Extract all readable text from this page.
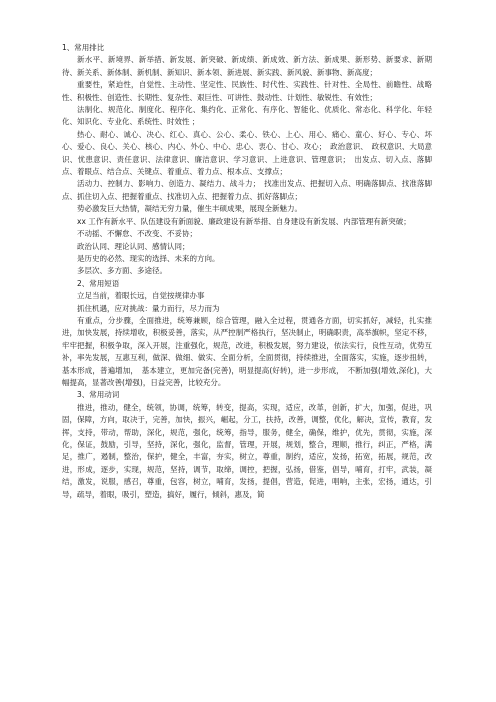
1、常用排比

新水平、新境界、新举措、新发展、新突破、新成绩、新成效、新方法、新成果、新形势、新要求、新期待、新关系、新体制、新机制、新知识、新本领、新进展、新实践、新风貌、新事物、新高度；

重要性，紧迫性，自觉性、主动性、坚定性、民族性、时代性、实践性、针对性、全局性、前瞻性、战略性、积极性、创造性、长期性、复杂性、艰巨性、可讲性、鼓动性、计划性、敏锐性、有效性；

法制化、规范化、制度化、程序化、集约化、正常化、有序化、智能化、优质化、常态化、科学化、年轻化、知识化、专业化、系统性、时效性 ；

热心、耐心、诚心、决心、红心、真心、公心、柔心、铁心、上心、用心、痛心、童心、好心、专心、坏心、爱心、良心、关心、核心、内心、外心、中心、忠心、衷心、甘心、攻心；　政治意识、　政权意识、大局意识、忧患意识、责任意识、法律意识、廉洁意识、学习意识、上进意识、管理意识；　出发点、切入点、落脚点、着眼点、结合点、关键点、着重点、着力点、根本点、支撑点；

活动力、控制力、影响力、创造力、凝结力、战斗力；　找准出发点、把握切入点、明确落脚点、找准落脚点、抓住切入点、把握着重点、找准切入点、把握着力点、抓好落脚点；

势必激发巨大热情，凝结无穷力量，催生丰硕成果，展现全新魅力。

xx 工作有新水平、队伍建设有新面貌、廉政建设有新举措、自身建设有新发展、内部管理有新突破；

不动摇、不懈怠、不改变、不妥协；

政治认同、理论认同、感情认同；

是历史的必然、现实的选择、未来的方向。

多层次、多方面、多途径。

2、常用短语

立足当前，着眼长远，自觉按规律办事

抓住机遇，应对挑战：量力而行，尽力而为

有重点，分步骤，全面推进，统筹兼顾，综合管理，融入全过程，贯通各方面，切实抓好，减轻，扎实推进，加快发展，持续增收，积极妥善，落实，从严控制严格执行，坚决制止，明确职责，高举旗帜，坚定不移，牢牢把握，积极争取，深入开展，注重强化，规范，改进，积极发展，努力建设，依法实行，良性互动，优势互补，率先发展，互惠互利，做深、做细、做实、全面分析，全面贯彻，持续推进，全面落实，实施，逐步扭转，基本形成，普遍增加，　基本建立，更加完备(完善)，明显提高(好转)，进一步形成，　不断加强(增效,深化)，大幅提高，显著改善(增强)，日益完善，比较充分。

3、常用动词

推进，推动，健全，统领，协调，统筹，转变，提高，实现，适应，改革，创新，扩大，加强，促进，巩固，保障，方向，取决于，完善，加快，振兴，崛起，分工，扶持，改善，调整，优化，解决，宣传，教育，发挥，支持，带动，帮助，深化，规范，强化，统筹，指导，服务，健全，确保，维护，优先，贯彻，实施，深化，保证，鼓励，引导，坚持，深化，强化，监督，管理，开展，规划，整合，理顺，推行，纠正，严格，满足，推广，遏制，整治，保护，健全，丰富，夯实，树立，尊重，制约，适应，发扬，拓宽，拓展，规范，改进，形成，逐步，实现，规范，坚持，调节，取缔，调控，把握，弘扬，借鉴，倡导，哺育，打牢，武装，凝结，激发，说服，感召，尊重，包容，树立，哺育，发扬，提倡，营造，促进，唱响，主张，宏扬，通达，引导，疏导，着眼，吸引，塑造，搞好，履行，倾斜，惠及，简
